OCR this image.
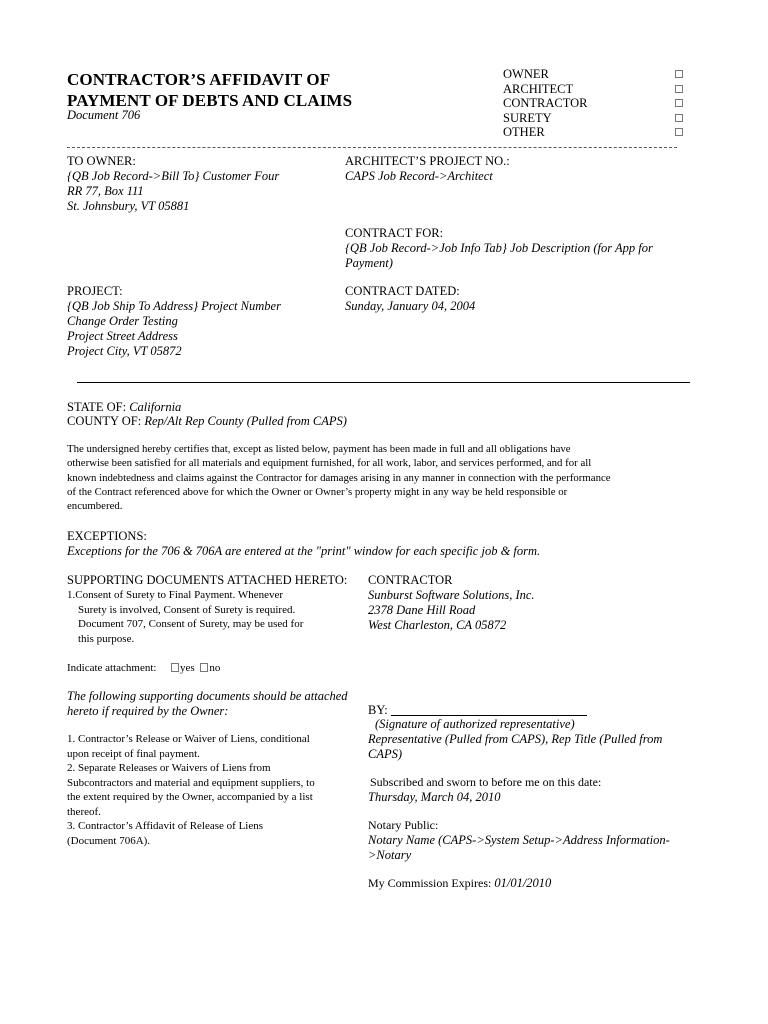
CONTRACTOR’S AFFIDAVIT OF
PAYMENT OF DEBTS AND CLAIMS
Document 706
OWNER
ARCHITECT
CONTRACTOR
SURETY
OTHER
TO OWNER:
{QB Job Record->Bill To} Customer Four
RR 77, Box 111
St. Johnsbury, VT 05881
ARCHITECT’S PROJECT NO.:
CAPS Job Record->Architect
CONTRACT FOR:
{QB Job Record->Job Info Tab} Job Description (for App for
Payment)
PROJECT:
{QB Job Ship To Address} Project Number
Change Order Testing
Project Street Address
Project City, VT 05872
CONTRACT DATED:
Sunday, January 04, 2004
STATE OF: California
COUNTY OF: Rep/Alt Rep County (Pulled from CAPS)
The undersigned hereby certifies that, except as listed below, payment has been made in full and all obligations have
otherwise been satisfied for all materials and equipment furnished, for all work, labor, and services performed, and for all
known indebtedness and claims against the Contractor for damages arising in any manner in connection with the performance
of the Contract referenced above for which the Owner or Owner’s property might in any way be held responsible or
encumbered.
EXCEPTIONS:
Exceptions for the 706 & 706A are entered at the "print" window for each specific job & form.
SUPPORTING DOCUMENTS ATTACHED HERETO:
1.Consent of Surety to Final Payment. Whenever
Surety is involved, Consent of Surety is required.
Document 707, Consent of Surety, may be used for
this purpose.
Indicate attachment: yes no
The following supporting documents should be attached
hereto if required by the Owner:
1. Contractor’s Release or Waiver of Liens, conditional
upon receipt of final payment.
2. Separate Releases or Waivers of Liens from
Subcontractors and material and equipment suppliers, to
the extent required by the Owner, accompanied by a list
thereof.
3. Contractor’s Affidavit of Release of Liens
(Document 706A).
CONTRACTOR
Sunburst Software Solutions, Inc.
2378 Dane Hill Road
West Charleston, CA 05872
BY:
(Signature of authorized representative)
Representative (Pulled from CAPS), Rep Title (Pulled from
CAPS)
Subscribed and sworn to before me on this date:
Thursday, March 04, 2010
Notary Public:
Notary Name (CAPS->System Setup->Address Information-
>Notary
My Commission Expires: 01/01/2010
